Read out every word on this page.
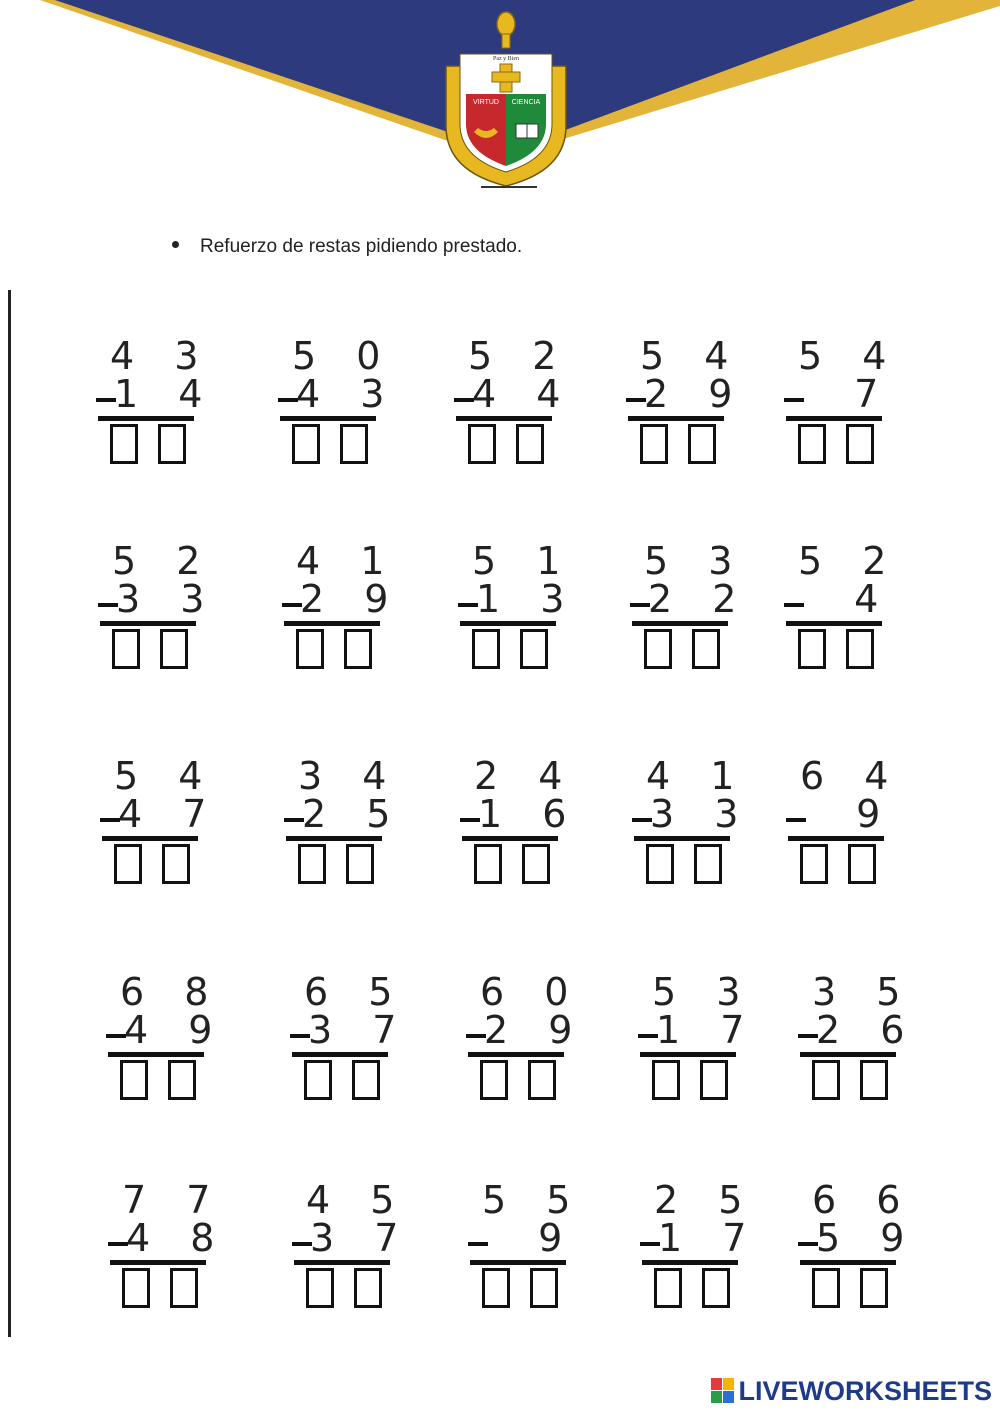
Paz y Bien
VIRTUD CIENCIA
Refuerzo de restas pidiendo prestado.
4 3
1 4
5 0
4 3
5 2
4 4
5 4
2 9
5 4
7
5 2
3 3
4 1
2 9
5 1
1 3
5 3
2 2
5 2
4
5 4
4 7
3 4
2 5
2 4
1 6
4 1
3 3
6 4
9
6 8
4 9
6 5
3 7
6 0
2 9
5 3
1 7
3 5
2 6
7 7
4 8
4 5
3 7
5 5
9
2 5
1 7
6 6
5 9
LIVEWORKSHEETS
